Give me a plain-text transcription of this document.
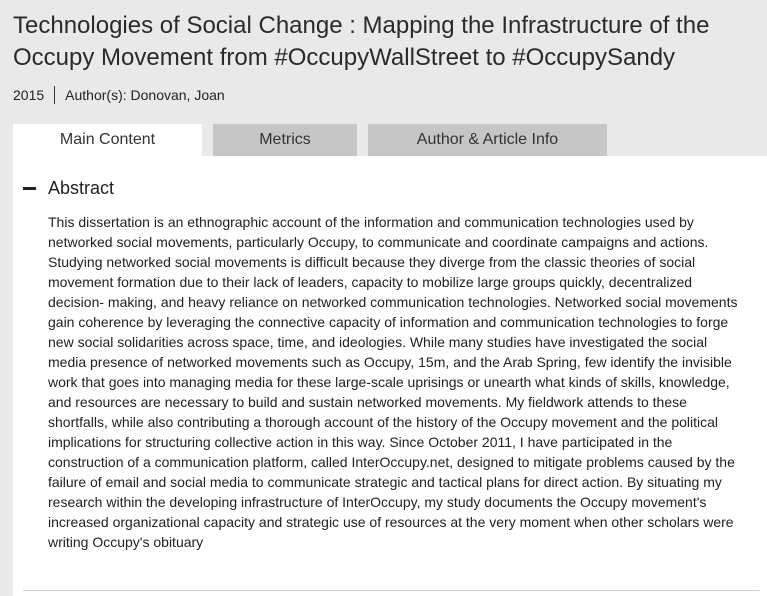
Technologies of Social Change : Mapping the Infrastructure of the Occupy Movement from #OccupyWallStreet to #OccupySandy
2015 Author(s): Donovan, Joan
Main Content	Metrics	Author & Article Info
Abstract
This dissertation is an ethnographic account of the information and communication technologies used by networked social movements, particularly Occupy, to communicate and coordinate campaigns and actions. Studying networked social movements is difficult because they diverge from the classic theories of social movement formation due to their lack of leaders, capacity to mobilize large groups quickly, decentralized decision- making, and heavy reliance on networked communication technologies. Networked social movements gain coherence by leveraging the connective capacity of information and communication technologies to forge new social solidarities across space, time, and ideologies. While many studies have investigated the social media presence of networked movements such as Occupy, 15m, and the Arab Spring, few identify the invisible work that goes into managing media for these large-scale uprisings or unearth what kinds of skills, knowledge, and resources are necessary to build and sustain networked movements. My fieldwork attends to these shortfalls, while also contributing a thorough account of the history of the Occupy movement and the political implications for structuring collective action in this way. Since October 2011, I have participated in the construction of a communication platform, called InterOccupy.net, designed to mitigate problems caused by the failure of email and social media to communicate strategic and tactical plans for direct action. By situating my research within the developing infrastructure of InterOccupy, my study documents the Occupy movement's increased organizational capacity and strategic use of resources at the very moment when other scholars were writing Occupy's obituary
